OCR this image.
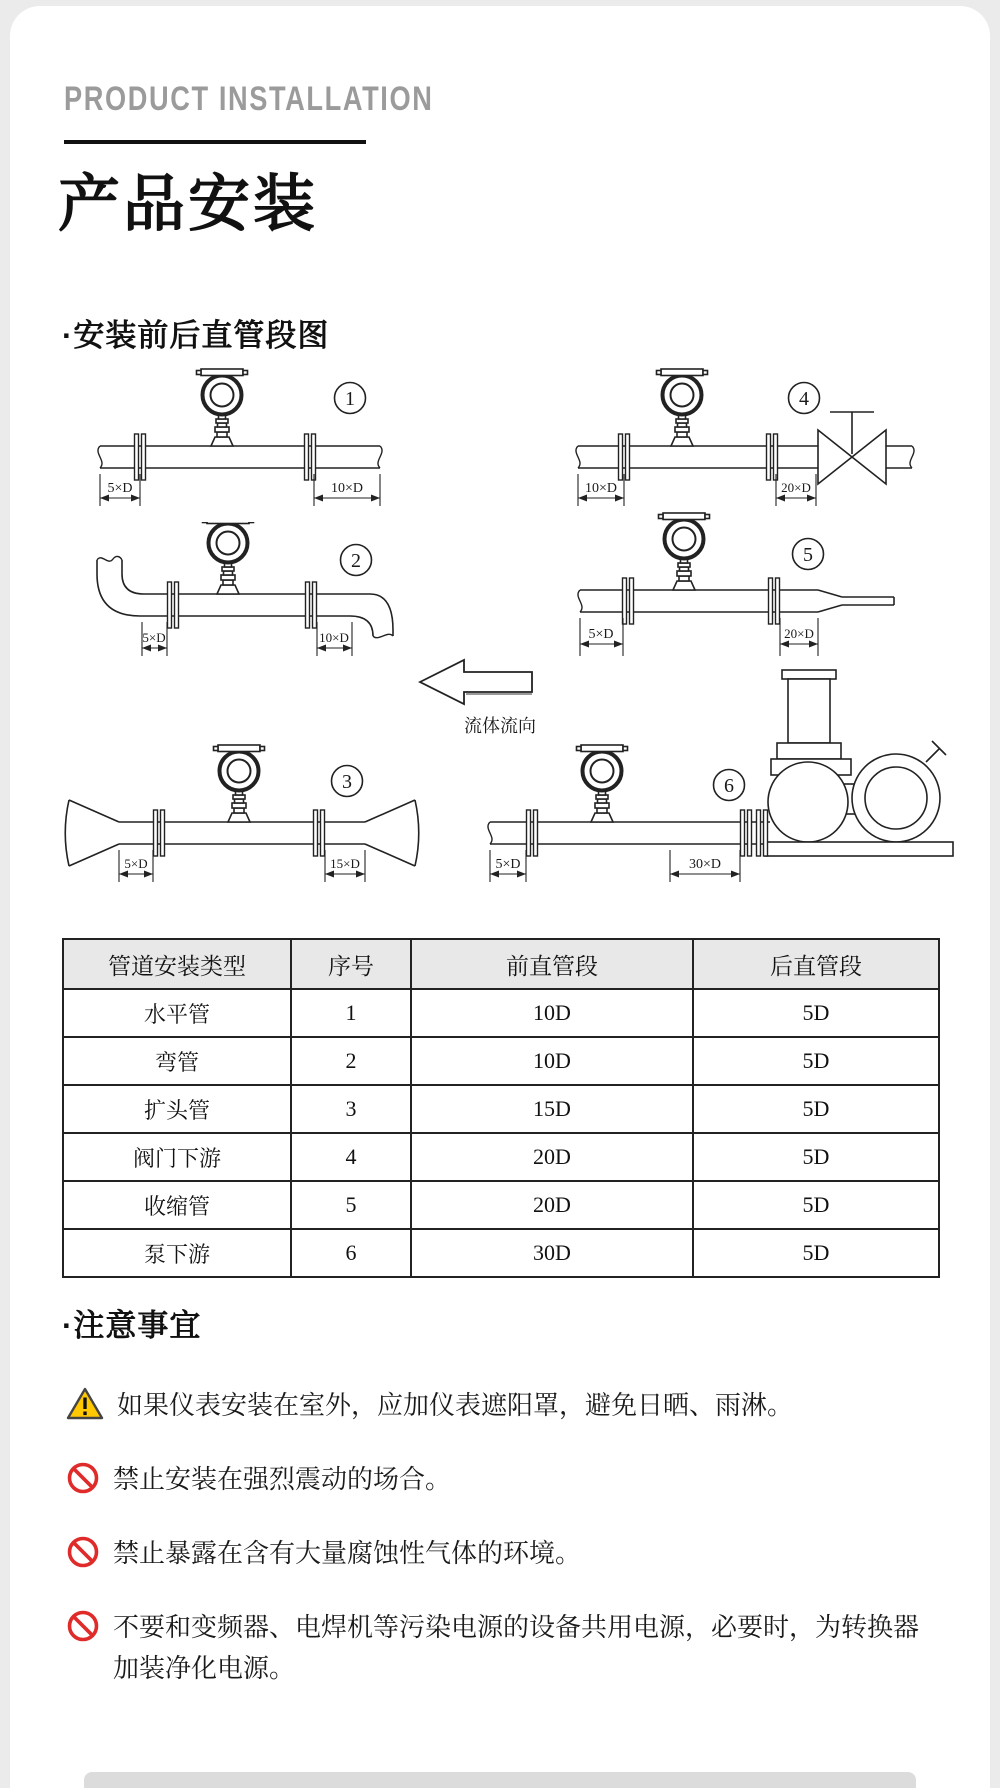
PRODUCT INSTALLATION
产品安装
·安装前后直管段图
5×D	10×D
1
10×D	20×D
4
5×D	10×D
2
5×D	20×D
5
流体流向
5×D	15×D
3
5×D	30×D
6
管道安装类型	序号	前直管段	后直管段
水平管	1	10D	5D
弯管	2	10D	5D
扩头管	3	15D	5D
阀门下游	4	20D	5D
收缩管	5	20D	5D
泵下游	6	30D	5D
·注意事宜

如果仪表安装在室外，应加仪表遮阳罩，避免日晒、雨淋。

禁止安装在强烈震动的场合。

禁止暴露在含有大量腐蚀性气体的环境。

不要和变频器、电焊机等污染电源的设备共用电源，必要时，为转换器加装净化电源。
